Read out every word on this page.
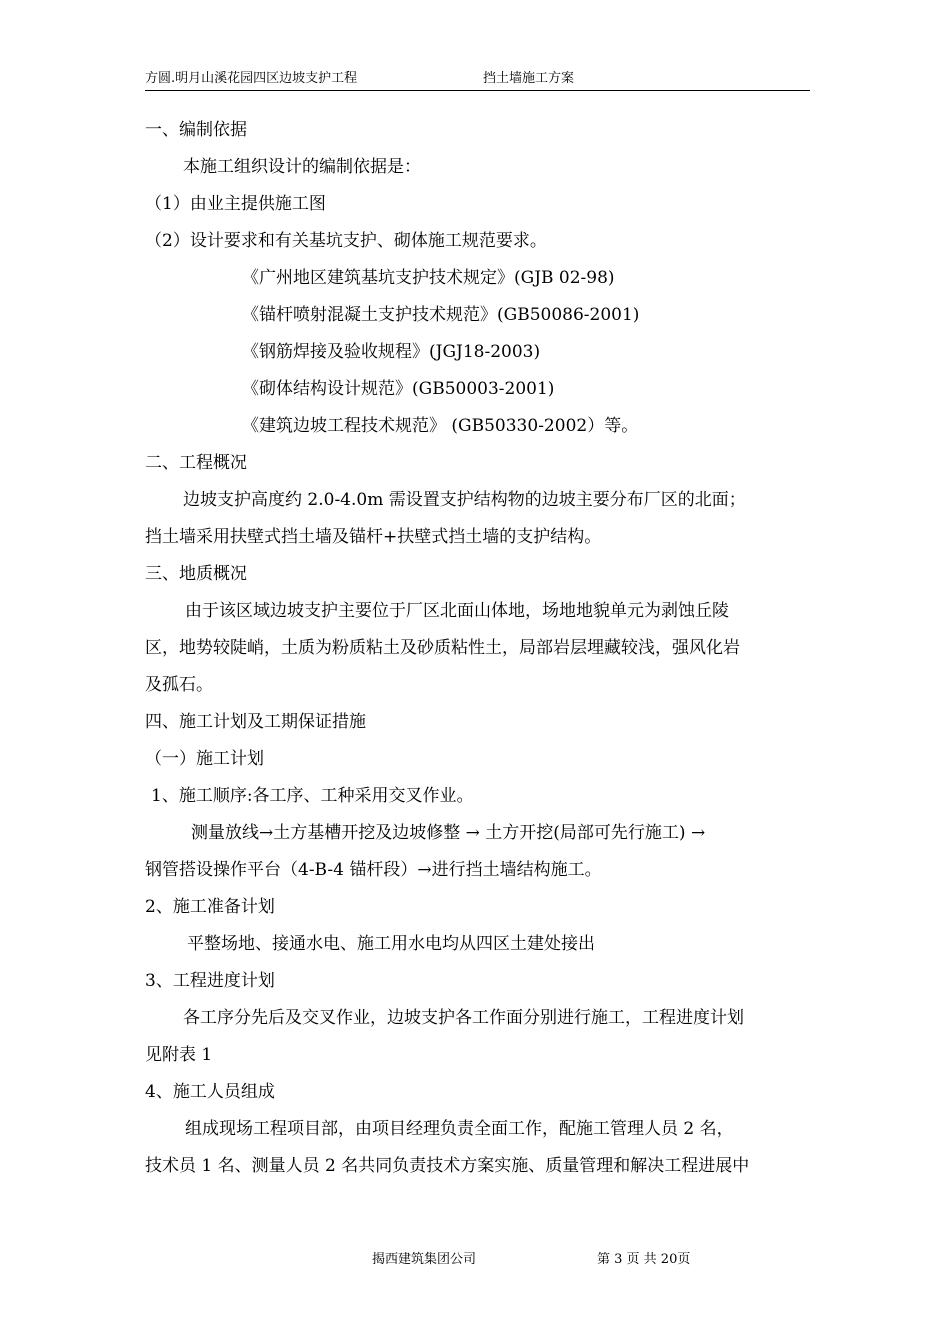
方圆.明月山溪花园四区边坡支护工程	挡土墙施工方案
一、编制依据
本施工组织设计的编制依据是：
（1）由业主提供施工图
（2）设计要求和有关基坑支护、砌体施工规范要求。
《广州地区建筑基坑支护技术规定》(GJB 02-98)
《锚杆喷射混凝土支护技术规范》(GB50086-2001)
《钢筋焊接及验收规程》(JGJ18-2003)
《砌体结构设计规范》(GB50003-2001)
《建筑边坡工程技术规范》 (GB50330-2002）等。
二、工程概况
边坡支护高度约 2.0-4.0m 需设置支护结构物的边坡主要分布厂区的北面；
挡土墙采用扶壁式挡土墙及锚杆+扶壁式挡土墙的支护结构。
三、地质概况
由于该区域边坡支护主要位于厂区北面山体地，场地地貌单元为剥蚀丘陵
区，地势较陡峭，土质为粉质粘土及砂质粘性土，局部岩层埋藏较浅，强风化岩
及孤石。
四、施工计划及工期保证措施
（一）施工计划
1、施工顺序:各工序、工种采用交叉作业。
测量放线→土方基槽开挖及边坡修整 → 土方开挖(局部可先行施工) →
钢管搭设操作平台（4-B-4 锚杆段）→进行挡土墙结构施工。
2、施工准备计划
平整场地、接通水电、施工用水电均从四区土建处接出
3、工程进度计划
各工序分先后及交叉作业，边坡支护各工作面分别进行施工，工程进度计划
见附表 1
4、施工人员组成
组成现场工程项目部，由项目经理负责全面工作，配施工管理人员 2 名，
技术员 1 名、测量人员 2 名共同负责技术方案实施、质量管理和解决工程进展中
揭西建筑集团公司	第 3 页 共 20页
